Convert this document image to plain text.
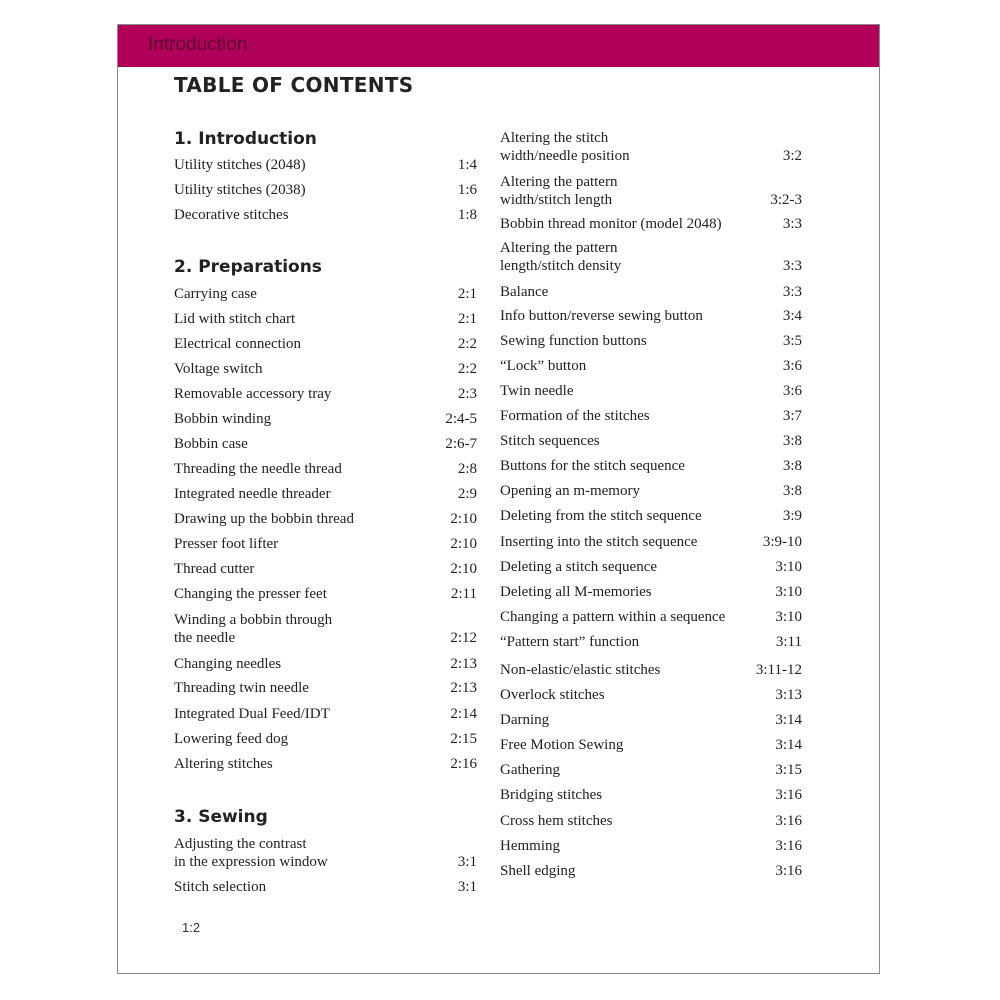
Introduction
TABLE OF CONTENTS
1. Introduction
Utility stitches (2048)	1:4
Utility stitches (2038)	1:6
Decorative stitches	1:8
2. Preparations
Carrying case	2:1
Lid with stitch chart	2:1
Electrical connection	2:2
Voltage switch	2:2
Removable accessory tray	2:3
Bobbin winding	2:4-5
Bobbin case	2:6-7
Threading the needle thread	2:8
Integrated needle threader	2:9
Drawing up the bobbin thread	2:10
Presser foot lifter	2:10
Thread cutter	2:10
Changing the presser feet	2:11
Winding a bobbin through
the needle	2:12
Changing needles	2:13
Threading twin needle	2:13
Integrated Dual Feed/IDT	2:14
Lowering feed dog	2:15
Altering stitches	2:16
3. Sewing
Adjusting the contrast
in the expression window	3:1
Stitch selection	3:1
Altering the stitch
width/needle position	3:2
Altering the pattern
width/stitch length	3:2-3
Bobbin thread monitor (model 2048)	3:3
Altering the pattern
length/stitch density	3:3
Balance	3:3
Info button/reverse sewing button	3:4
Sewing function buttons	3:5
“Lock” button	3:6
Twin needle	3:6
Formation of the stitches	3:7
Stitch sequences	3:8
Buttons for the stitch sequence	3:8
Opening an m-memory	3:8
Deleting from the stitch sequence	3:9
Inserting into the stitch sequence	3:9-10
Deleting a stitch sequence	3:10
Deleting all M-memories	3:10
Changing a pattern within a sequence	3:10
“Pattern start” function	3:11
Non-elastic/elastic stitches	3:11-12
Overlock stitches	3:13
Darning	3:14
Free Motion Sewing	3:14
Gathering	3:15
Bridging stitches	3:16
Cross hem stitches	3:16
Hemming	3:16
Shell edging	3:16
1:2
